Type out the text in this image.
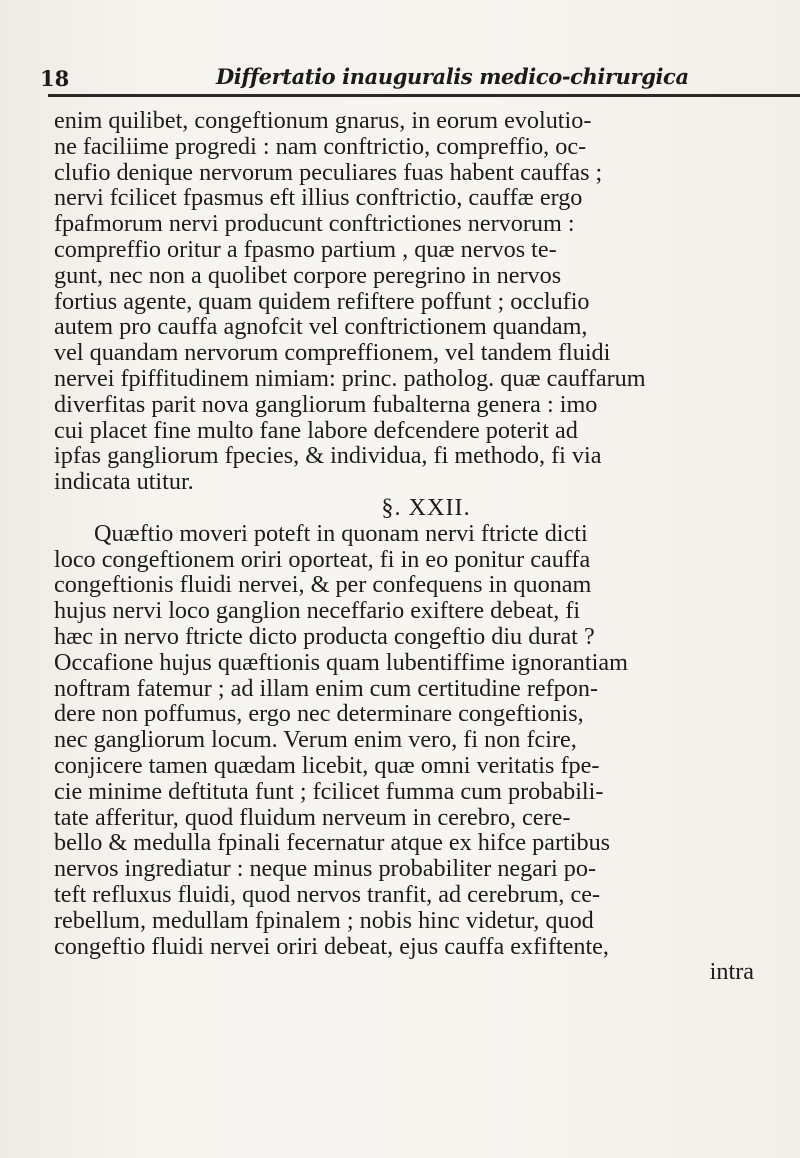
18	Differtatio inauguralis medico-chirurgica
enim quilibet, congeftionum gnarus, in eorum evolutio-
ne faciliime progredi : nam conftrictio, compreffio, oc-
clufio denique nervorum peculiares fuas habent cauffas ;
nervi fcilicet fpasmus eft illius conftrictio, cauffæ ergo
fpafmorum nervi producunt conftrictiones nervorum :
compreffio oritur a fpasmo partium , quæ nervos te-
gunt, nec non a quolibet corpore peregrino in nervos
fortius agente, quam quidem refiftere poffunt ; occlufio
autem pro cauffa agnofcit vel conftrictionem quandam,
vel quandam nervorum compreffionem, vel tandem fluidi
nervei fpiffitudinem nimiam: princ. patholog. quæ cauffarum
diverfitas parit nova gangliorum fubalterna genera : imo
cui placet fine multo fane labore defcendere poterit ad
ipfas gangliorum fpecies, & individua, fi methodo, fi via
indicata utitur.
§. XXII.
Quæftio moveri poteft in quonam nervi ftricte dicti
loco congeftionem oriri oporteat, fi in eo ponitur cauffa
congeftionis fluidi nervei, & per confequens in quonam
hujus nervi loco ganglion neceffario exiftere debeat, fi
hæc in nervo ftricte dicto producta congeftio diu durat ?
Occafione hujus quæftionis quam lubentiffime ignorantiam
noftram fatemur ; ad illam enim cum certitudine refpon-
dere non poffumus, ergo nec determinare congeftionis,
nec gangliorum locum. Verum enim vero, fi non fcire,
conjicere tamen quædam licebit, quæ omni veritatis fpe-
cie minime deftituta funt ; fcilicet fumma cum probabili-
tate afferitur, quod fluidum nerveum in cerebro, cere-
bello & medulla fpinali fecernatur atque ex hifce partibus
nervos ingrediatur : neque minus probabiliter negari po-
teft refluxus fluidi, quod nervos tranfit, ad cerebrum, ce-
rebellum, medullam fpinalem ; nobis hinc videtur, quod
congeftio fluidi nervei oriri debeat, ejus cauffa exfiftente,
intra
